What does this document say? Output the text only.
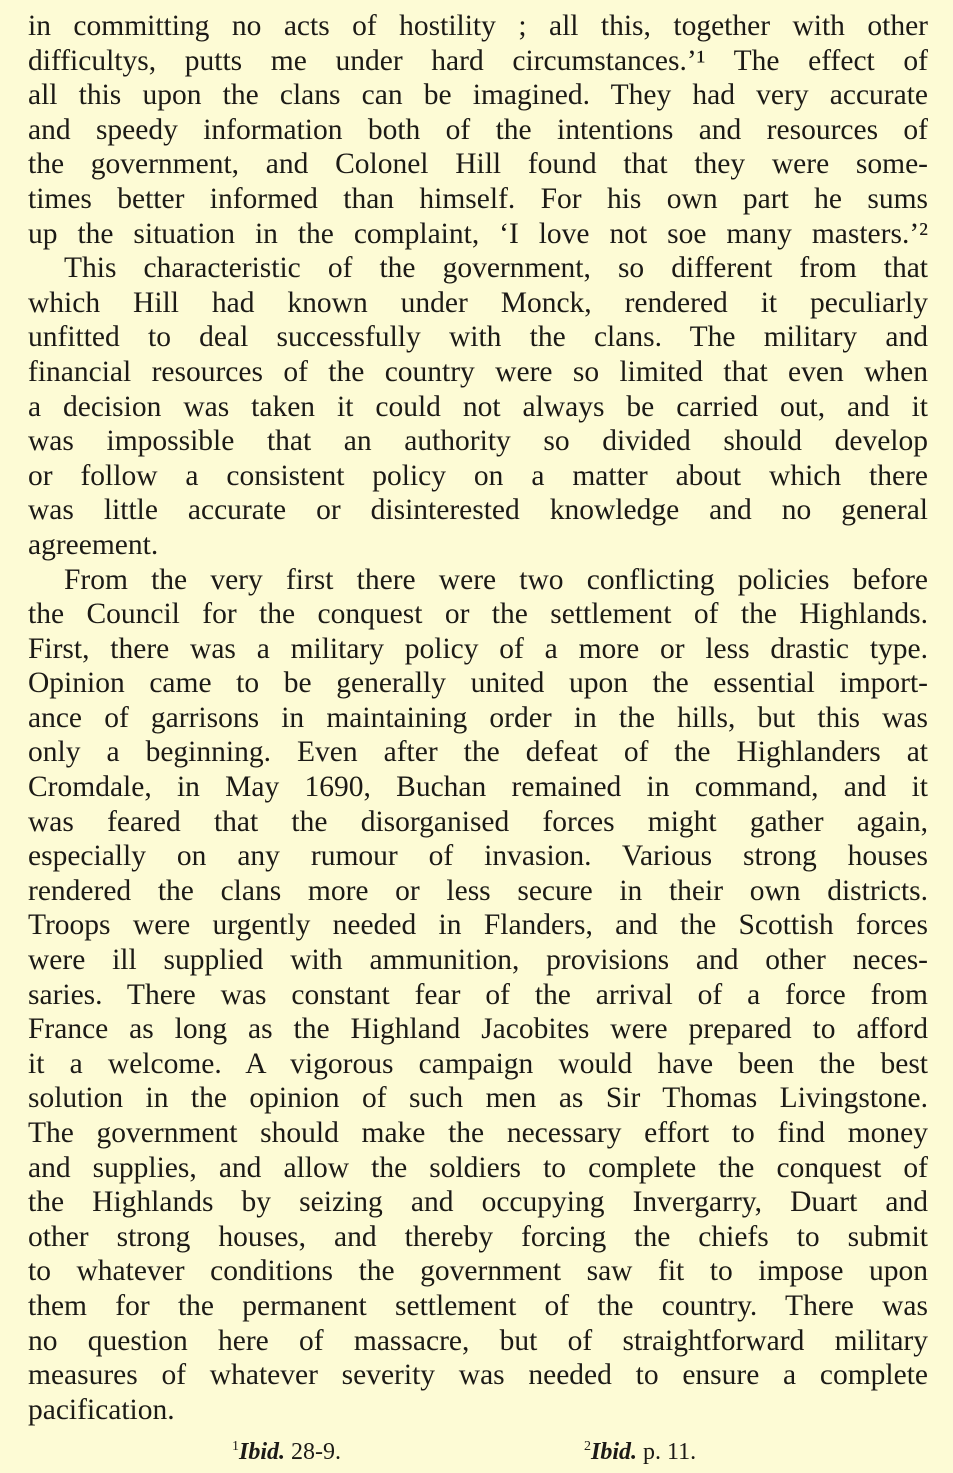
in committing no acts of hostility ; all this, together with other
difficultys, putts me under hard circumstances.’¹ The effect of
all this upon the clans can be imagined. They had very accurate
and speedy information both of the intentions and resources of
the government, and Colonel Hill found that they were some-
times better informed than himself. For his own part he sums
up the situation in the complaint, ‘I love not soe many masters.’²
This characteristic of the government, so different from that
which Hill had known under Monck, rendered it peculiarly
unfitted to deal successfully with the clans. The military and
financial resources of the country were so limited that even when
a decision was taken it could not always be carried out, and it
was impossible that an authority so divided should develop
or follow a consistent policy on a matter about which there
was little accurate or disinterested knowledge and no general
agreement.
From the very first there were two conflicting policies before
the Council for the conquest or the settlement of the Highlands.
First, there was a military policy of a more or less drastic type.
Opinion came to be generally united upon the essential import-
ance of garrisons in maintaining order in the hills, but this was
only a beginning. Even after the defeat of the Highlanders at
Cromdale, in May 1690, Buchan remained in command, and it
was feared that the disorganised forces might gather again,
especially on any rumour of invasion. Various strong houses
rendered the clans more or less secure in their own districts.
Troops were urgently needed in Flanders, and the Scottish forces
were ill supplied with ammunition, provisions and other neces-
saries. There was constant fear of the arrival of a force from
France as long as the Highland Jacobites were prepared to afford
it a welcome. A vigorous campaign would have been the best
solution in the opinion of such men as Sir Thomas Livingstone.
The government should make the necessary effort to find money
and supplies, and allow the soldiers to complete the conquest of
the Highlands by seizing and occupying Invergarry, Duart and
other strong houses, and thereby forcing the chiefs to submit
to whatever conditions the government saw fit to impose upon
them for the permanent settlement of the country. There was
no question here of massacre, but of straightforward military
measures of whatever severity was needed to ensure a complete
pacification.
$^1$Ibid. 28-9.	$^2$Ibid. p. 11.
